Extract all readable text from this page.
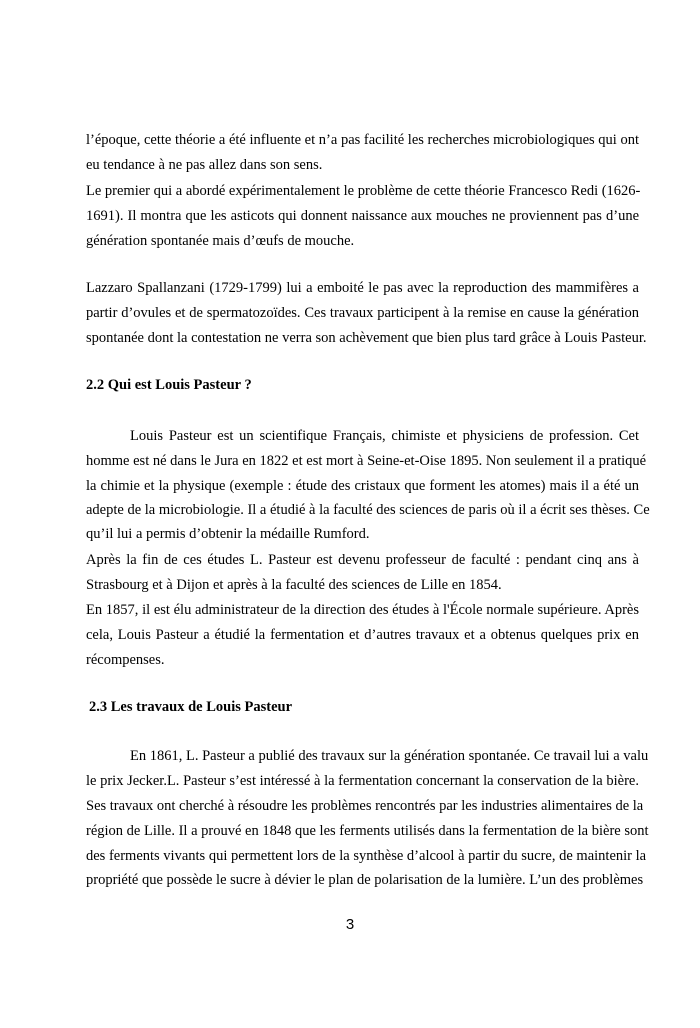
l’époque, cette théorie a été influente et n’a pas facilité les recherches microbiologiques qui ont
eu tendance à ne pas allez dans son sens.
Le premier qui a abordé expérimentalement le problème de cette théorie Francesco Redi (1626-
1691). Il montra que les asticots qui donnent naissance aux mouches ne proviennent pas d’une
génération spontanée mais d’œufs de mouche.
Lazzaro Spallanzani (1729-1799) lui a emboité le pas avec la reproduction des mammifères a
partir d’ovules et de spermatozoïdes. Ces travaux participent à la remise en cause la génération
spontanée dont la contestation ne verra son achèvement que bien plus tard grâce à Louis Pasteur.
2.2 Qui est Louis Pasteur ?
Louis Pasteur est un scientifique Français, chimiste et physiciens de profession. Cet
homme est né dans le Jura en 1822 et est mort à Seine-et-Oise 1895. Non seulement il a pratiqué
la chimie et la physique (exemple : étude des cristaux que forment les atomes) mais il a été un
adepte de la microbiologie. Il a étudié à la faculté des sciences de paris où il a écrit ses thèses. Ce
qu’il lui a permis d’obtenir la médaille Rumford.
Après la fin de ces études L. Pasteur est devenu professeur de faculté : pendant cinq ans à
Strasbourg et à Dijon et après à la faculté des sciences de Lille en 1854.
En 1857, il est élu administrateur de la direction des études à l'École normale supérieure. Après
cela, Louis Pasteur a étudié la fermentation et d’autres travaux et a obtenus quelques prix en
récompenses.
2.3 Les travaux de Louis Pasteur
En 1861, L. Pasteur a publié des travaux sur la génération spontanée. Ce travail lui a valu
le prix Jecker.L. Pasteur s’est intéressé à la fermentation concernant la conservation de la bière.
Ses travaux ont cherché à résoudre les problèmes rencontrés par les industries alimentaires de la
région de Lille. Il a prouvé en 1848 que les ferments utilisés dans la fermentation de la bière sont
des ferments vivants qui permettent lors de la synthèse d’alcool à partir du sucre, de maintenir la
propriété que possède le sucre à dévier le plan de polarisation de la lumière. L’un des problèmes
3
